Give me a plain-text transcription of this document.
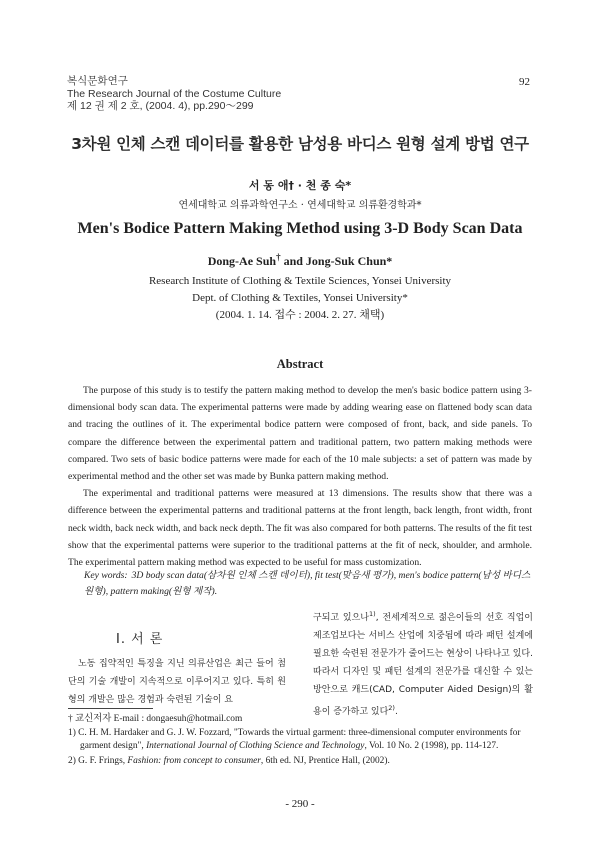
복식문화연구
The Research Journal of the Costume Culture
제 12 권 제 2 호, (2004. 4), pp.290～299
92
3차원 인체 스캔 데이터를 활용한 남성용 바디스 원형 설계 방법 연구
서 동 애† · 천 종 숙*
연세대학교 의류과학연구소 · 연세대학교 의류환경학과*
Men's Bodice Pattern Making Method using 3-D Body Scan Data
Dong-Ae Suh† and Jong-Suk Chun*
Research Institute of Clothing & Textile Sciences, Yonsei University
Dept. of Clothing & Textiles, Yonsei University*
(2004. 1. 14. 접수 : 2004. 2. 27. 채택)
Abstract

The purpose of this study is to testify the pattern making method to develop the men's basic bodice pattern using 3-dimensional body scan data. The experimental patterns were made by adding wearing ease on flattened body scan data and tracing the outlines of it. The experimental bodice pattern were composed of front, back, and side panels. To compare the difference between the experimental pattern and traditional pattern, two pattern making methods were compared. Two sets of basic bodice patterns were made for each of the 10 male subjects: a set of pattern was made by experimental method and the other set was made by Bunka pattern making method.

The experimental and traditional patterns were measured at 13 dimensions. The results show that there was a difference between the experimental patterns and traditional patterns at the front length, back length, front width, front neck width, back neck width, and back neck depth. The fit was also compared for both patterns. The results of the fit test show that the experimental patterns were superior to the traditional patterns at the fit of neck, shoulder, and armhole. The experimental pattern making method was expected to be useful for mass customization.

Key words: 3D body scan data(삼차원 인체 스캔 데이터), fit test(맞음새 평가), men's bodice pattern(남성 바디스 원형), pattern making(원형 제작).
I. 서 론
노동 집약적인 특징을 지닌 의류산업은 최근 들어 첨단의 기술 개발이 지속적으로 이루어지고 있다. 특히 원형의 개발은 많은 경험과 숙련된 기술이 요
구되고 있으나$^{1)}$, 전세계적으로 젊은이들의 선호 직업이 제조업보다는 서비스 산업에 치중됨에 따라 패턴 설계에 필요한 숙련된 전문가가 줄어드는 현상이 나타나고 있다. 따라서 디자인 및 패턴 설계의 전문가를 대신할 수 있는 방안으로 캐드(CAD, Computer Aided Design)의 활용이 증가하고 있다$^{2)}$.
† 교신저자 E-mail : dongaesuh@hotmail.com
1) C. H. M. Hardaker and G. J. W. Fozzard, "Towards the virtual garment: three-dimensional computer environments for garment design", International Journal of Clothing Science and Technology, Vol. 10 No. 2 (1998), pp. 114-127.
2) G. F. Frings, Fashion: from concept to consumer, 6th ed. NJ, Prentice Hall, (2002).
- 290 -
